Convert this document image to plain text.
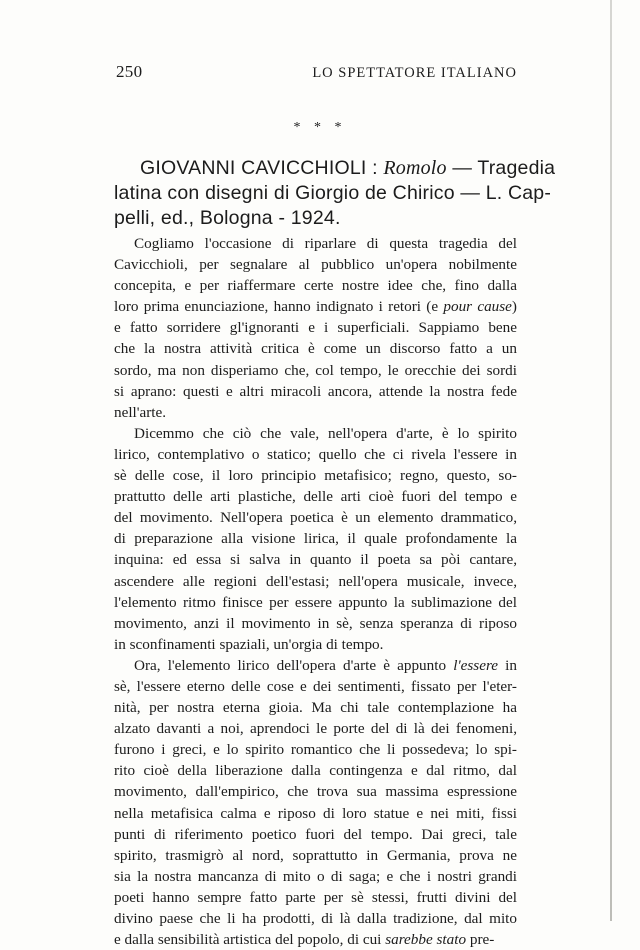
250	LO SPETTATORE ITALIANO
* * *
GIOVANNI CAVICCHIOLI : Romolo — Tragedia
latina con disegni di Giorgio de Chirico — L. Cap-
pelli, ed., Bologna - 1924.

Cogliamo l'occasione di riparlare di questa tragedia del
Cavicchioli, per segnalare al pubblico un'opera nobilmente
concepita, e per riaffermare certe nostre idee che, fino dalla
loro prima enunciazione, hanno indignato i retori (e pour cause)
e fatto sorridere gl'ignoranti e i superficiali. Sappiamo bene
che la nostra attività critica è come un discorso fatto a un
sordo, ma non disperiamo che, col tempo, le orecchie dei sordi
si aprano: questi e altri miracoli ancora, attende la nostra fede
nell'arte.

Dicemmo che ciò che vale, nell'opera d'arte, è lo spirito
lirico, contemplativo o statico; quello che ci rivela l'essere in
sè delle cose, il loro principio metafisico; regno, questo, so-
prattutto delle arti plastiche, delle arti cioè fuori del tempo e
del movimento. Nell'opera poetica è un elemento drammatico,
di preparazione alla visione lirica, il quale profondamente la
inquina: ed essa si salva in quanto il poeta sa pòi cantare,
ascendere alle regioni dell'estasi; nell'opera musicale, invece,
l'elemento ritmo finisce per essere appunto la sublimazione del
movimento, anzi il movimento in sè, senza speranza di riposo
in sconfinamenti spaziali, un'orgia di tempo.

Ora, l'elemento lirico dell'opera d'arte è appunto l'essere in
sè, l'essere eterno delle cose e dei sentimenti, fissato per l'eter-
nità, per nostra eterna gioia. Ma chi tale contemplazione ha
alzato davanti a noi, aprendoci le porte del di là dei fenomeni,
furono i greci, e lo spirito romantico che li possedeva; lo spi-
rito cioè della liberazione dalla contingenza e dal ritmo, dal
movimento, dall'empirico, che trova sua massima espressione
nella metafisica calma e riposo di loro statue e nei miti, fissi
punti di riferimento poetico fuori del tempo. Dai greci, tale
spirito, trasmigrò al nord, soprattutto in Germania, prova ne
sia la nostra mancanza di mito o di saga; e che i nostri grandi
poeti hanno sempre fatto parte per sè stessi, frutti divini del
divino paese che li ha prodotti, di là dalla tradizione, dal mito
e dalla sensibilità artistica del popolo, di cui sarebbe stato pre-
